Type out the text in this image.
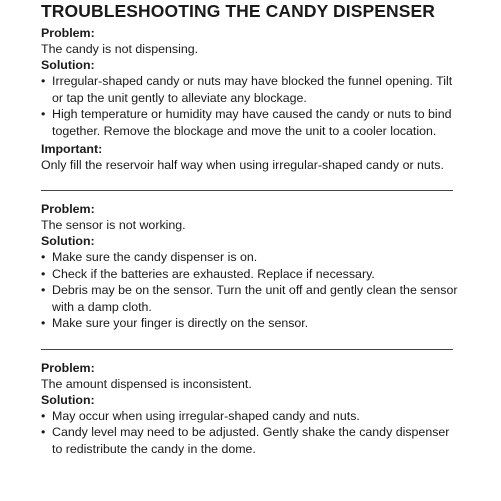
TROUBLESHOOTING THE CANDY DISPENSER

Problem:

The candy is not dispensing.

Solution:

• Irregular-shaped candy or nuts may have blocked the funnel opening. Tilt or tap the unit gently to alleviate any blockage.
• High temperature or humidity may have caused the candy or nuts to bind together. Remove the blockage and move the unit to a cooler location.

Important:

Only fill the reservoir half way when using irregular-shaped candy or nuts.

Problem:

The sensor is not working.

Solution:

• Make sure the candy dispenser is on.
• Check if the batteries are exhausted. Replace if necessary.
• Debris may be on the sensor. Turn the unit off and gently clean the sensor with a damp cloth.
• Make sure your finger is directly on the sensor.

Problem:

The amount dispensed is inconsistent.

Solution:

• May occur when using irregular-shaped candy and nuts.
• Candy level may need to be adjusted. Gently shake the candy dispenser to redistribute the candy in the dome.
